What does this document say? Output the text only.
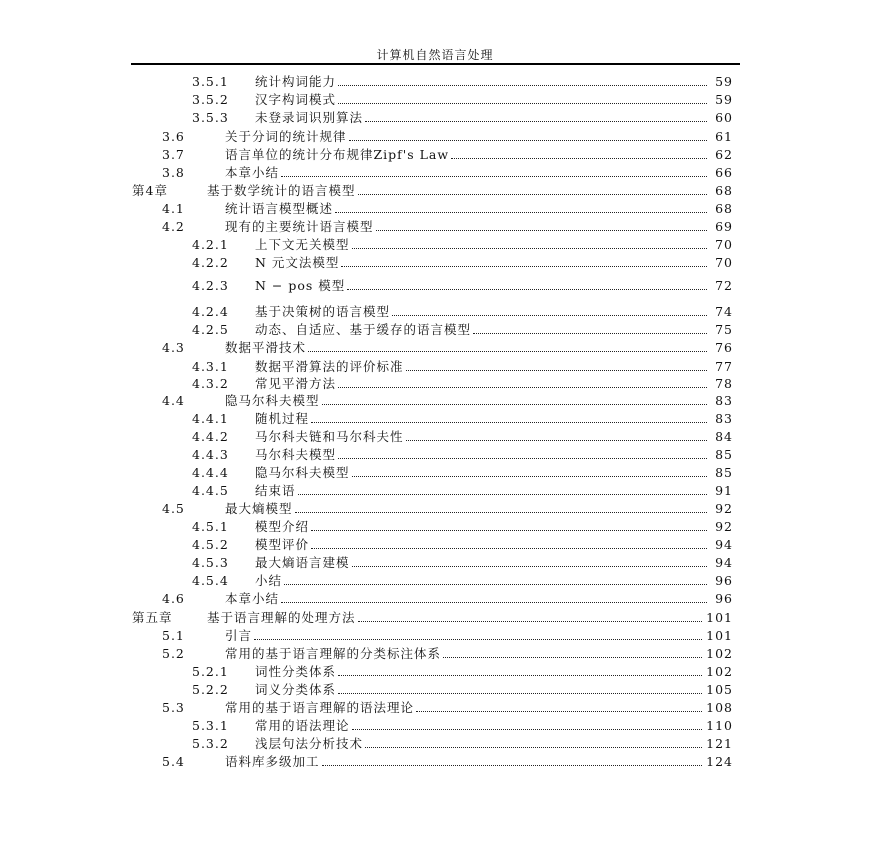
计算机自然语言处理
3.5.1	统计构词能力	59
3.5.2	汉字构词模式	59
3.5.3	未登录词识别算法	60
3.6	关于分词的统计规律	61
3.7	语言单位的统计分布规律Zipf's Law	62
3.8	本章小结	66
第4章	基于数学统计的语言模型	68
4.1	统计语言模型概述	68
4.2	现有的主要统计语言模型	69
4.2.1	上下文无关模型	70
4.2.2	N 元文法模型	70
4.2.3	N − pos 模型	72
4.2.4	基于决策树的语言模型	74
4.2.5	动态、自适应、基于缓存的语言模型	75
4.3	数据平滑技术	76
4.3.1	数据平滑算法的评价标准	77
4.3.2	常见平滑方法	78
4.4	隐马尔科夫模型	83
4.4.1	随机过程	83
4.4.2	马尔科夫链和马尔科夫性	84
4.4.3	马尔科夫模型	85
4.4.4	隐马尔科夫模型	85
4.4.5	结束语	91
4.5	最大熵模型	92
4.5.1	模型介绍	92
4.5.2	模型评价	94
4.5.3	最大熵语言建模	94
4.5.4	小结	96
4.6	本章小结	96
第五章	基于语言理解的处理方法	101
5.1	引言	101
5.2	常用的基于语言理解的分类标注体系	102
5.2.1	词性分类体系	102
5.2.2	词义分类体系	105
5.3	常用的基于语言理解的语法理论	108
5.3.1	常用的语法理论	110
5.3.2	浅层句法分析技术	121
5.4	语料库多级加工	124
